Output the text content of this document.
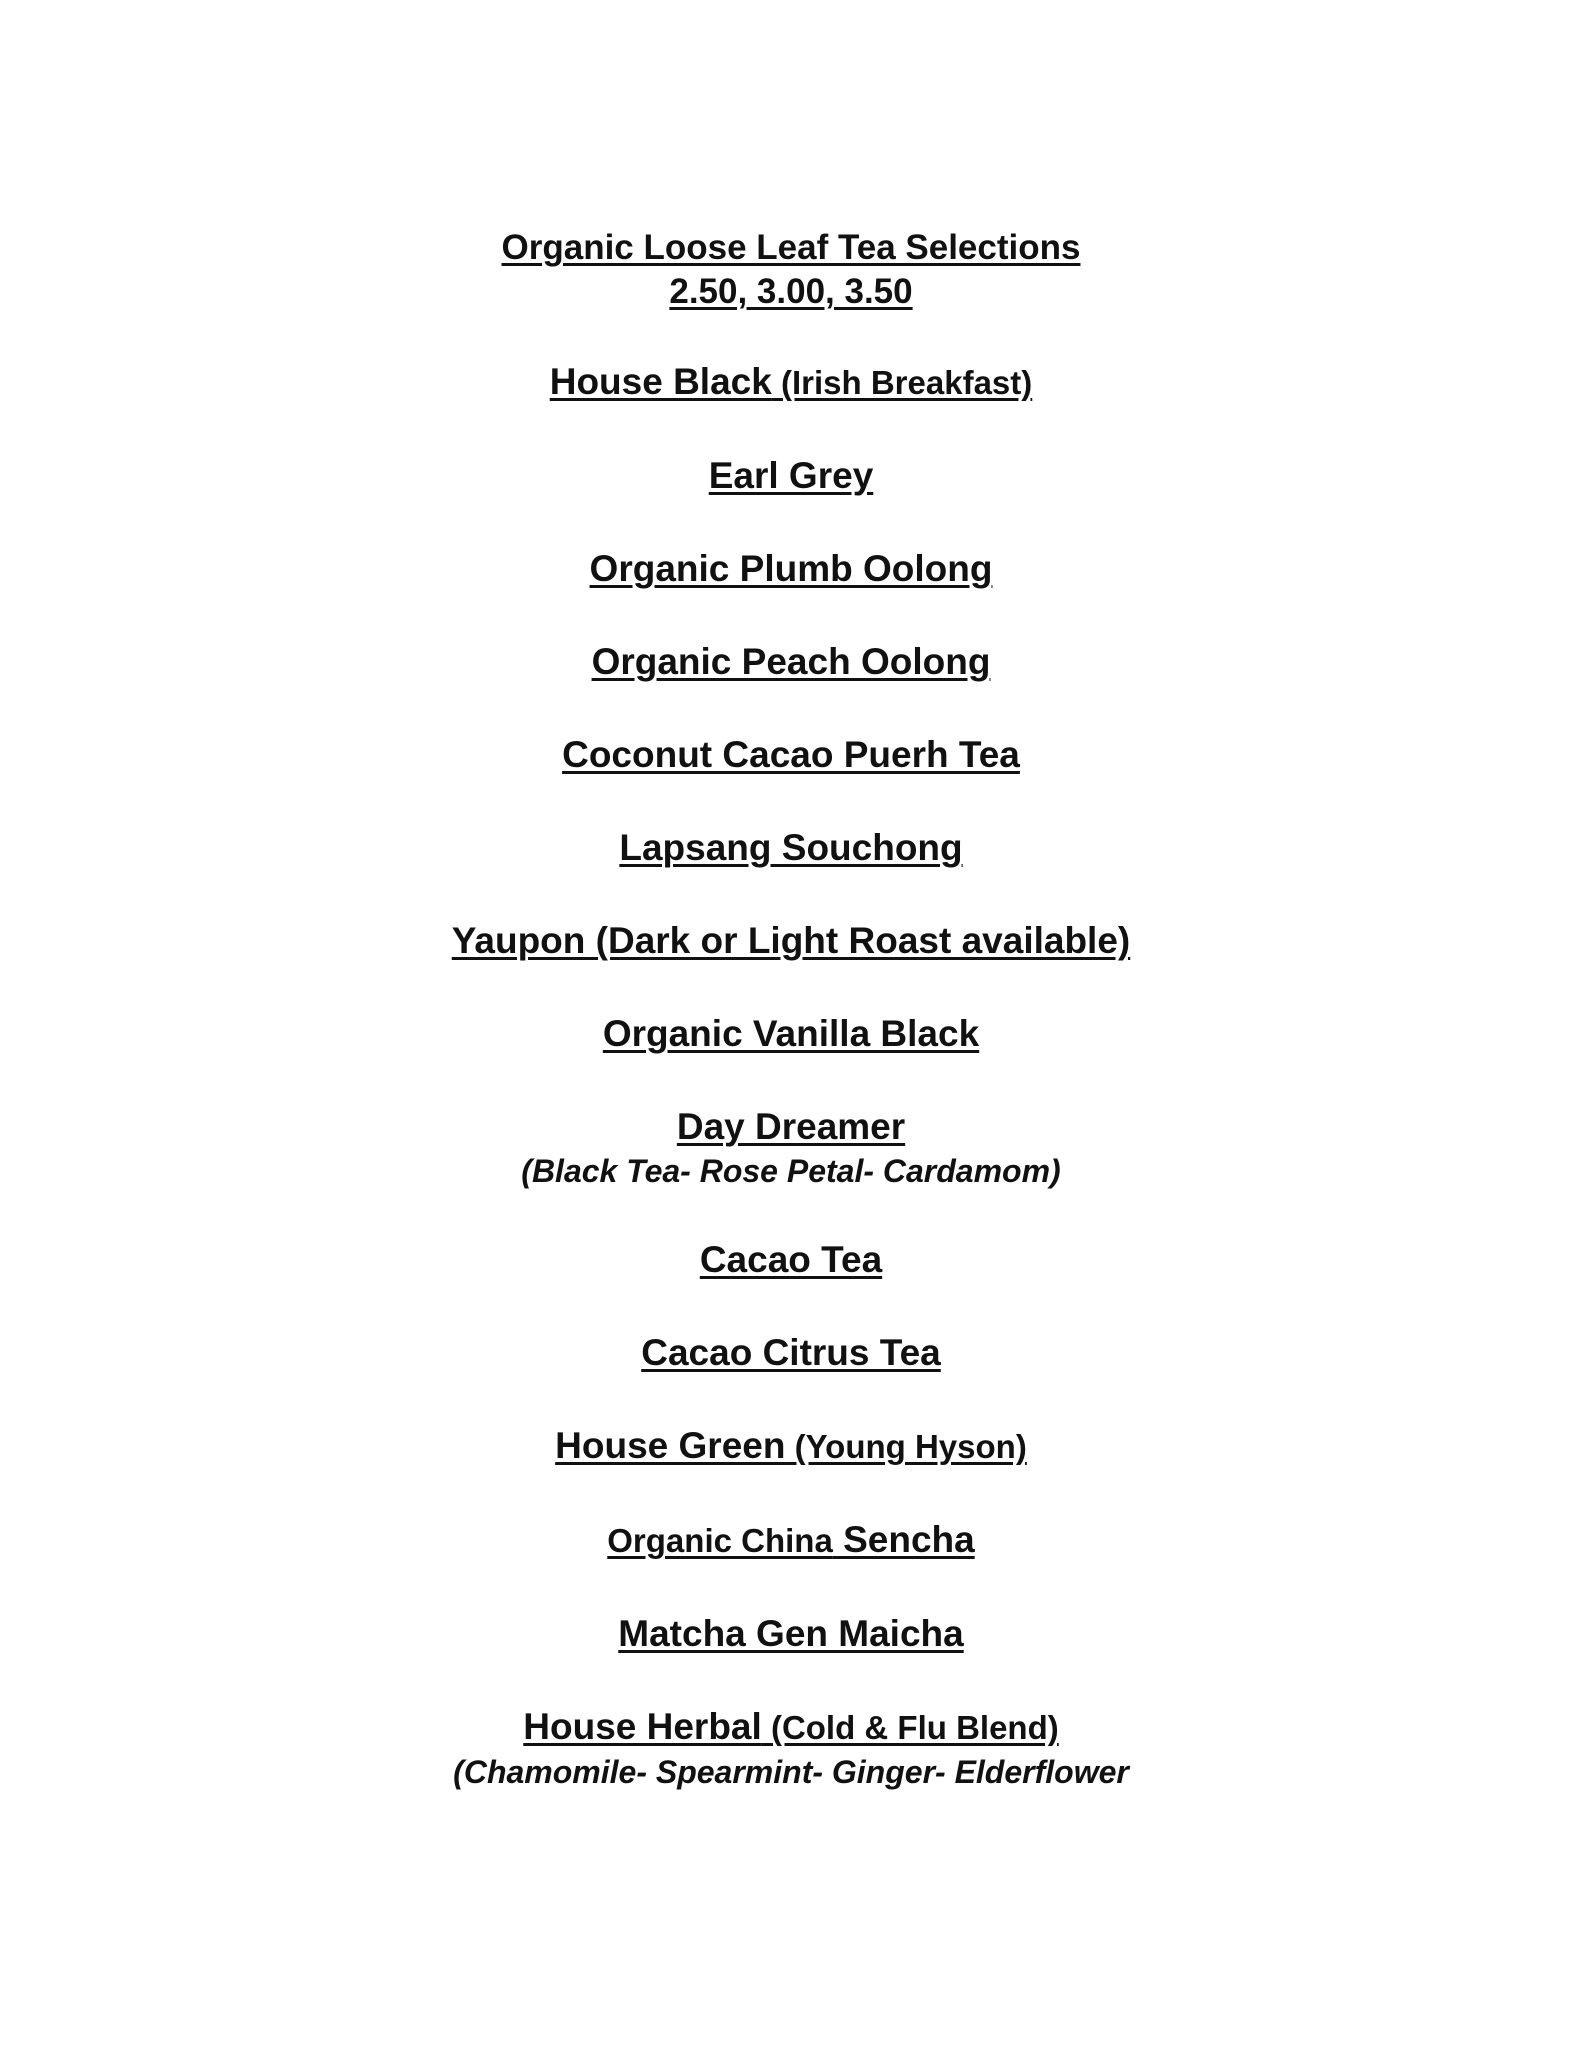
Organic Loose Leaf Tea Selections

2.50, 3.00, 3.50

House Black (Irish Breakfast)

Earl Grey

Organic Plumb Oolong

Organic Peach Oolong

Coconut Cacao Puerh Tea

Lapsang Souchong

Yaupon (Dark or Light Roast available)

Organic Vanilla Black

Day Dreamer

(Black Tea- Rose Petal- Cardamom)

Cacao Tea

Cacao Citrus Tea

House Green (Young Hyson)

Organic China Sencha

Matcha Gen Maicha

House Herbal (Cold & Flu Blend)

(Chamomile- Spearmint- Ginger- Elderflower
